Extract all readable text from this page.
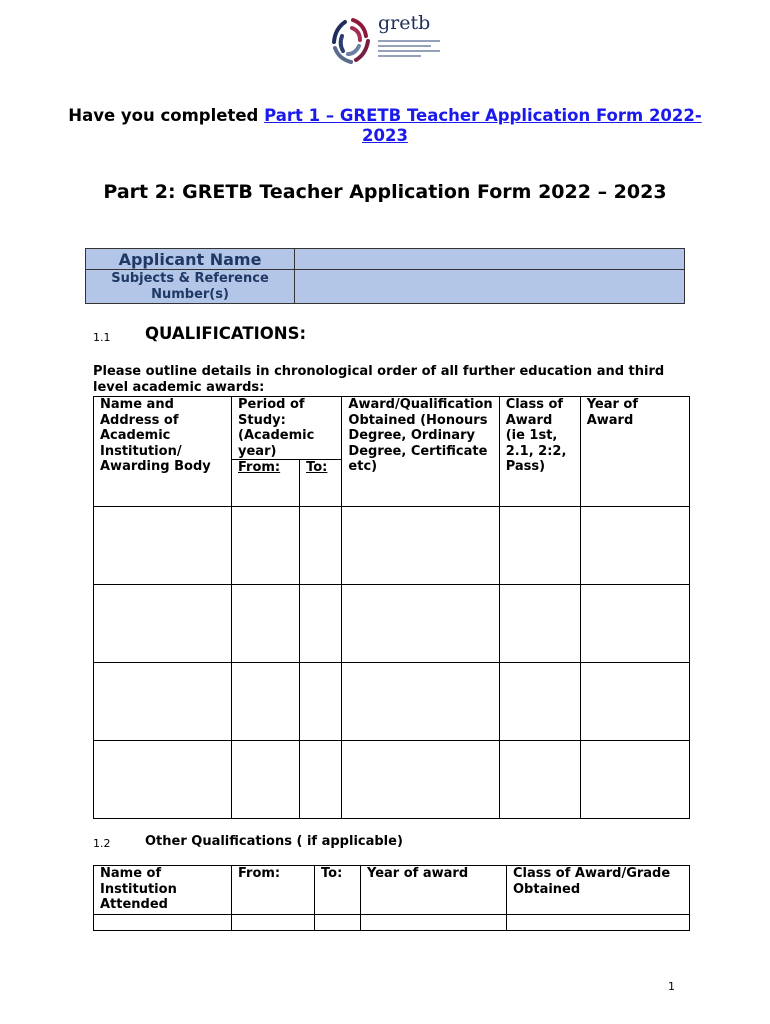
gretb
Have you completed Part 1 – GRETB Teacher Application Form 2022-2023
Part 2: GRETB Teacher Application Form 2022 – 2023
Applicant Name	
Subjects & Reference Number(s)	
1.1 QUALIFICATIONS:
Please outline details in chronological order of all further education and third level academic awards:
Name and Address of Academic Institution/ Awarding Body	Period of Study: (Academic year)		Award/Qualification Obtained (Honours Degree, Ordinary Degree, Certificate etc)	Class of Award (ie 1st, 2.1, 2:2, Pass)	Year of Award
	From:	To:			

1.2	Other Qualifications ( if applicable)
Name of Institution Attended	From:	To:	Year of award	Class of Award/Grade Obtained

1
